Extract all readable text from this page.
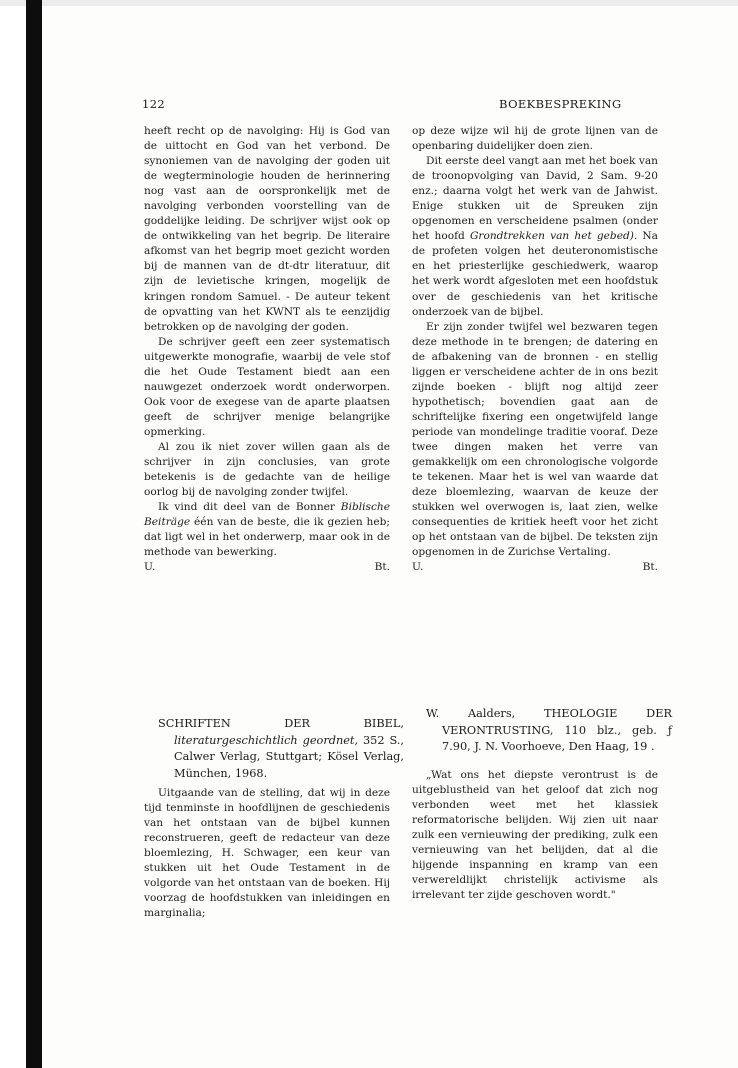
122	BOEKBESPREKING

heeft recht op de navolging: Hij is God van de uittocht en God van het verbond. De synoniemen van de navolging der goden uit de wegterminologie houden de herinnering nog vast aan de oorspronkelijk met de navolging verbonden voorstelling van de goddelijke leiding. De schrijver wijst ook op de ontwikkeling van het begrip. De literaire afkomst van het begrip moet gezicht worden bij de mannen van de dt-dtr literatuur, dit zijn de levietische kringen, mogelijk de kringen rondom Samuel. - De auteur tekent de opvatting van het KWNT als te eenzijdig betrokken op de navolging der goden.

De schrijver geeft een zeer systematisch uitgewerkte monografie, waarbij de vele stof die het Oude Testament biedt aan een nauwgezet onderzoek wordt onderworpen. Ook voor de exegese van de aparte plaatsen geeft de schrijver menige belangrijke opmerking.

Al zou ik niet zover willen gaan als de schrijver in zijn conclusies, van grote betekenis is de gedachte van de heilige oorlog bij de navolging zonder twijfel.

Ik vind dit deel van de Bonner Biblische Beiträge één van de beste, die ik gezien heb; dat ligt wel in het onderwerp, maar ook in de methode van bewerking.

U.	Bt.

op deze wijze wil hij de grote lijnen van de openbaring duidelijker doen zien.

Dit eerste deel vangt aan met het boek van de troonopvolging van David, 2 Sam. 9-20 enz.; daarna volgt het werk van de Jahwist. Enige stukken uit de Spreuken zijn opgenomen en verscheidene psalmen (onder het hoofd Grondtrekken van het gebed). Na de profeten volgen het deuteronomistische en het priesterlijke geschiedwerk, waarop het werk wordt afgesloten met een hoofdstuk over de geschiedenis van het kritische onderzoek van de bijbel.

Er zijn zonder twijfel wel bezwaren tegen deze methode in te brengen; de datering en de afbakening van de bronnen - en stellig liggen er verscheidene achter de in ons bezit zijnde boeken - blijft nog altijd zeer hypothetisch; bovendien gaat aan de schriftelijke fixering een ongetwijfeld lange periode van mondelinge traditie vooraf. Deze twee dingen maken het verre van gemakkelijk om een chronologische volgorde te tekenen. Maar het is wel van waarde dat deze bloemlezing, waarvan de keuze der stukken wel overwogen is, laat zien, welke consequenties de kritiek heeft voor het zicht op het ontstaan van de bijbel. De teksten zijn opgenomen in de Zurichse Vertaling.

U.	Bt.
SCHRIFTEN DER BIBEL, literaturgeschichtlich geordnet, 352 S., Calwer Verlag, Stuttgart; Kösel Verlag, München, 1968.

Uitgaande van de stelling, dat wij in deze tijd tenminste in hoofdlijnen de geschiedenis van het ontstaan van de bijbel kunnen reconstrueren, geeft de redacteur van deze bloemlezing, H. Schwager, een keur van stukken uit het Oude Testament in de volgorde van het ontstaan van de boeken. Hij voorzag de hoofdstukken van inleidingen en marginalia;

W. Aalders, THEOLOGIE DER VERONTRUSTING, 110 blz., geb. ƒ 7.90, J. N. Voorhoeve, Den Haag, 19 .

„Wat ons het diepste verontrust is de uitgeblustheid van het geloof dat zich nog verbonden weet met het klassiek reformatorische belijden. Wij zien uit naar zulk een vernieuwing der prediking, zulk een vernieuwing van het belijden, dat al die hijgende inspanning en kramp van een verwereldlijkt christelijk activisme als irrelevant ter zijde geschoven wordt."
